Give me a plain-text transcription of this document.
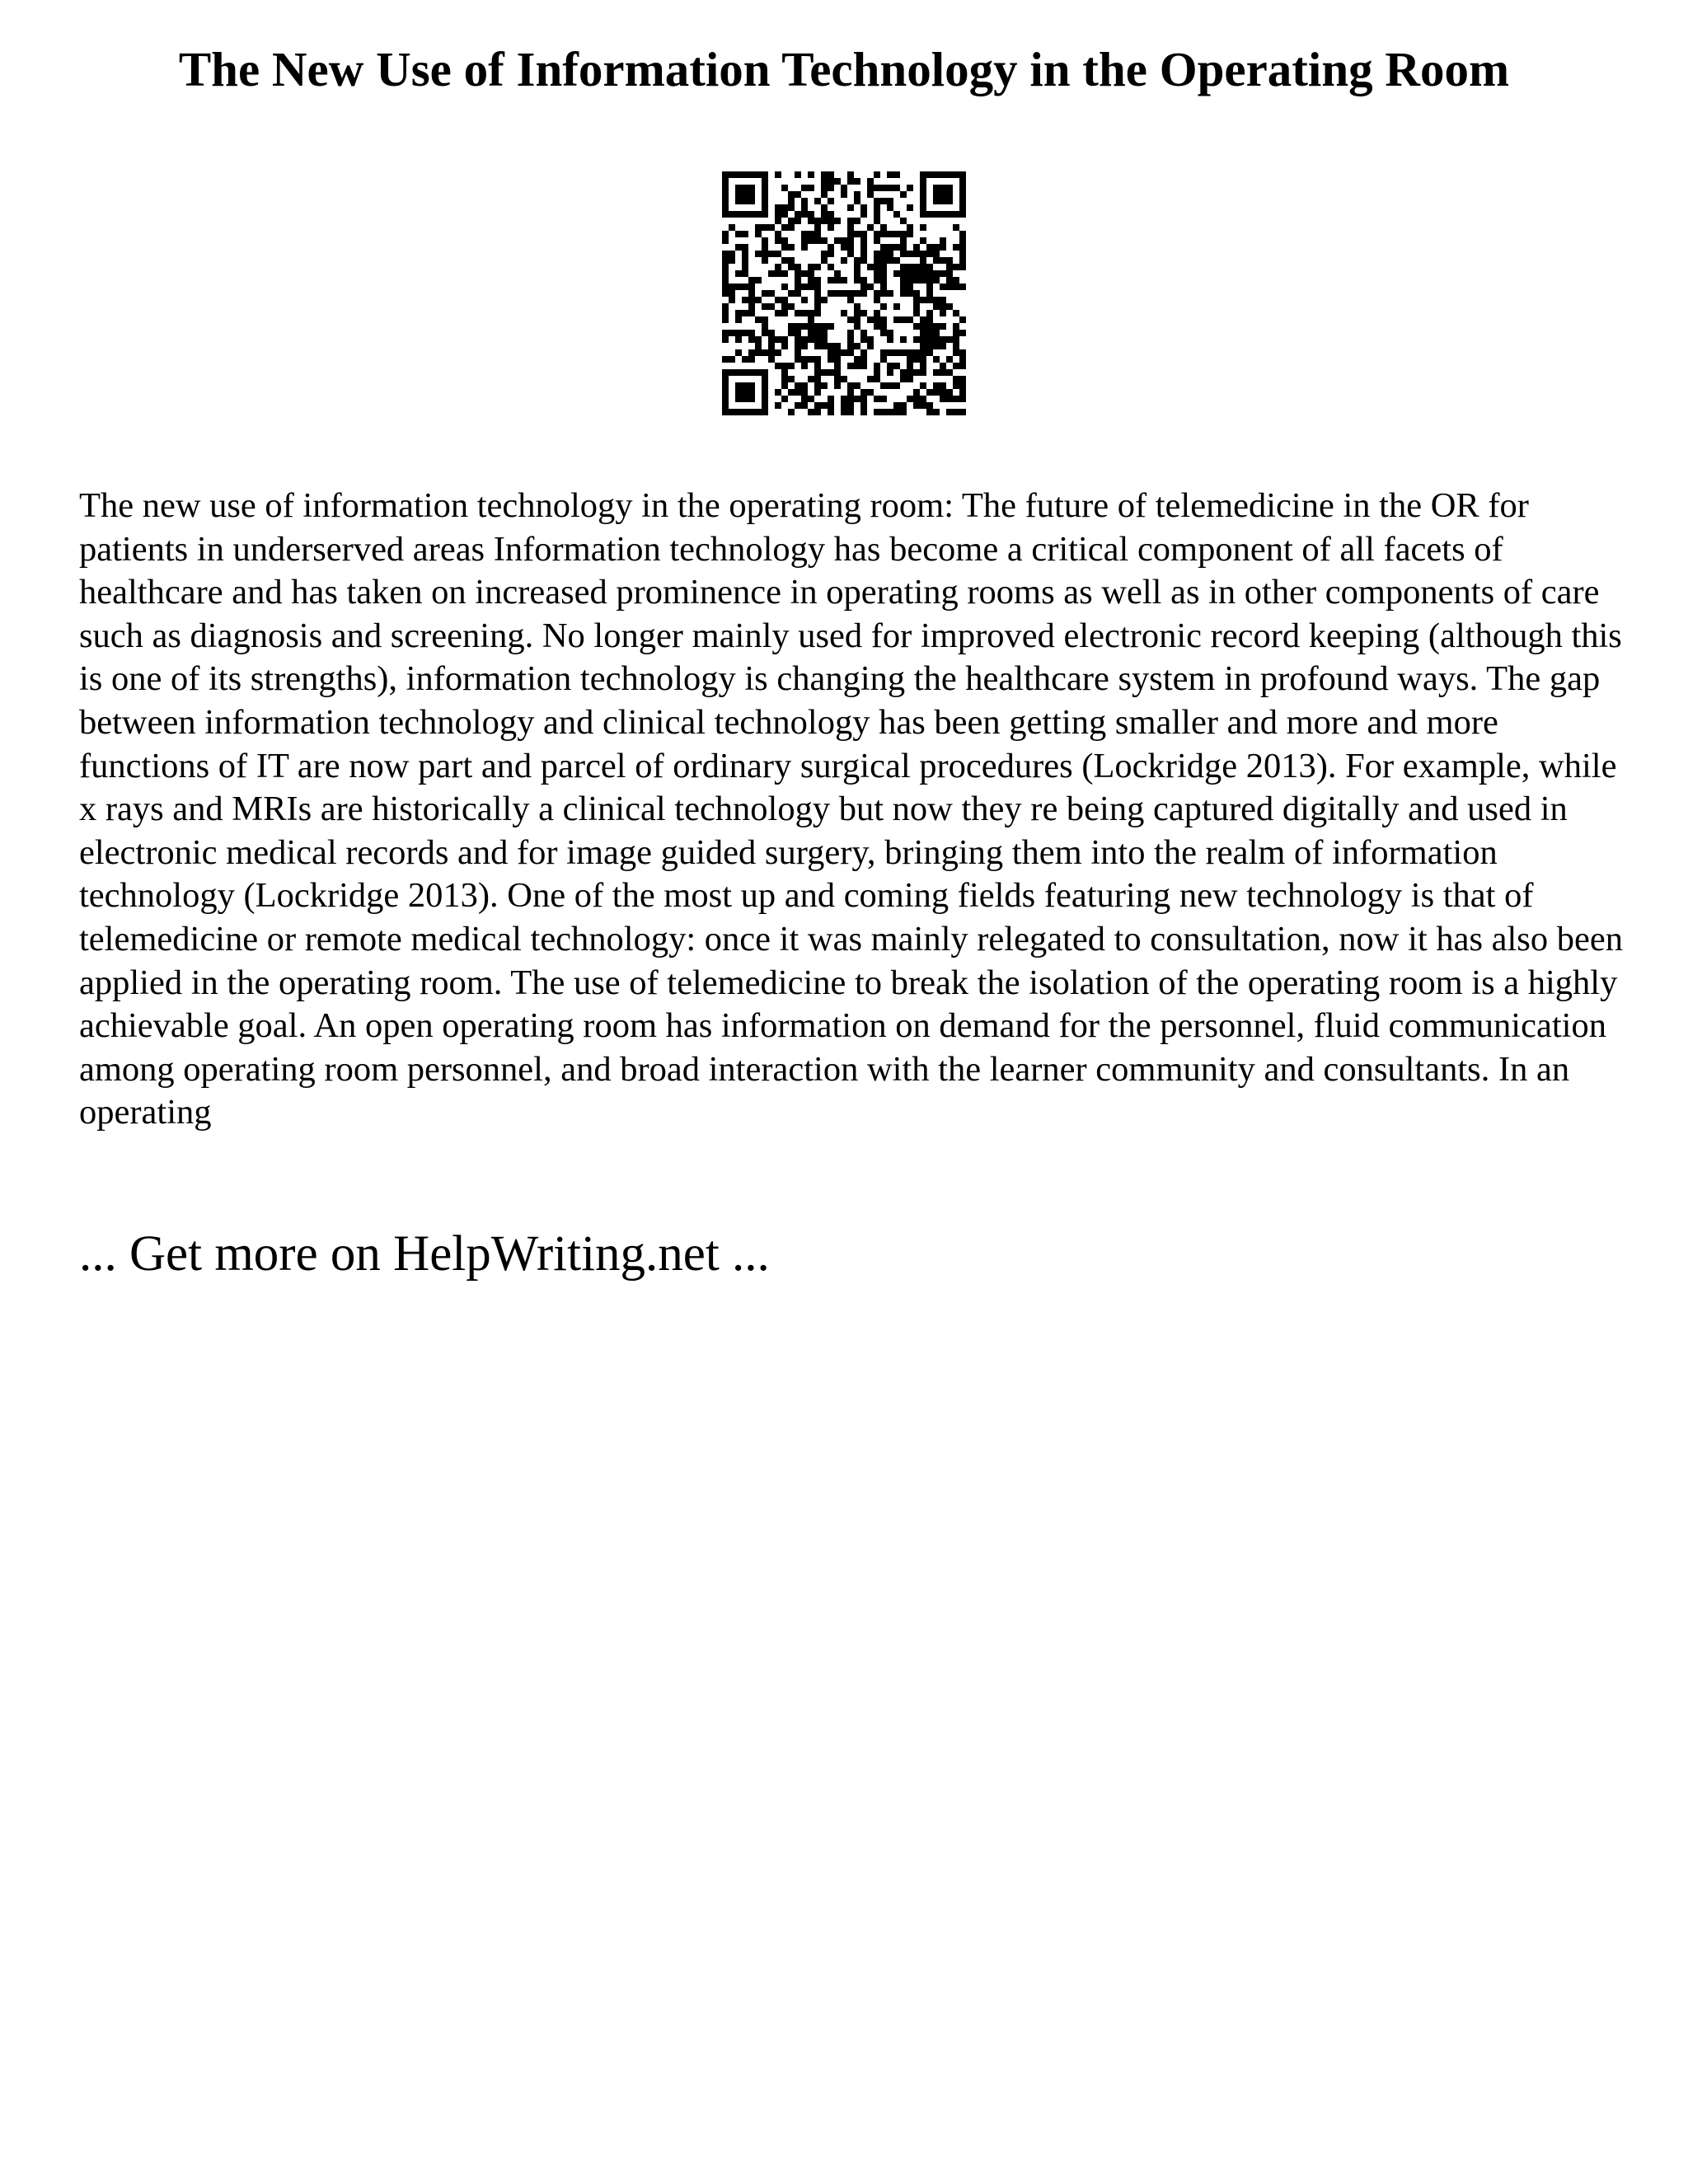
The New Use of Information Technology in the Operating Room

The new use of information technology in the operating room: The future of telemedicine in the OR for patients in underserved areas Information technology has become a critical component of all facets of healthcare and has taken on increased prominence in operating rooms as well as in other components of care such as diagnosis and screening. No longer mainly used for improved electronic record keeping (although this is one of its strengths), information technology is changing the healthcare system in profound ways. The gap between information technology and clinical technology has been getting smaller and more and more functions of IT are now part and parcel of ordinary surgical procedures (Lockridge 2013). For example, while x rays and MRIs are historically a clinical technology but now they re being captured digitally and used in electronic medical records and for image guided surgery, bringing them into the realm of information technology (Lockridge 2013). One of the most up and coming fields featuring new technology is that of telemedicine or remote medical technology: once it was mainly relegated to consultation, now it has also been applied in the operating room. The use of telemedicine to break the isolation of the operating room is a highly achievable goal. An open operating room has information on demand for the personnel, fluid communication among operating room personnel, and broad interaction with the learner community and consultants. In an operating

... Get more on HelpWriting.net ...
